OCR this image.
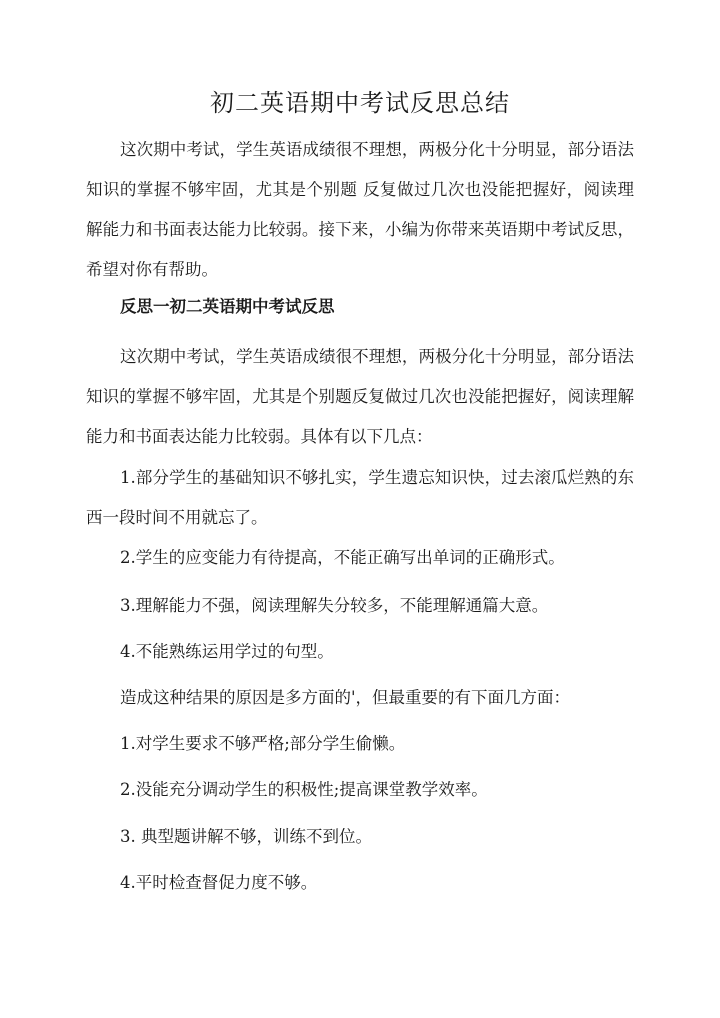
初二英语期中考试反思总结

这次期中考试，学生英语成绩很不理想，两极分化十分明显，部分语法知识的掌握不够牢固，尤其是个别题 反复做过几次也没能把握好，阅读理解能力和书面表达能力比较弱。接下来，小编为你带来英语期中考试反思，希望对你有帮助。

反思一初二英语期中考试反思

这次期中考试，学生英语成绩很不理想，两极分化十分明显，部分语法知识的掌握不够牢固，尤其是个别题反复做过几次也没能把握好，阅读理解能力和书面表达能力比较弱。具体有以下几点：

1.部分学生的基础知识不够扎实，学生遗忘知识快，过去滚瓜烂熟的东西一段时间不用就忘了。

2.学生的应变能力有待提高，不能正确写出单词的正确形式。

3.理解能力不强，阅读理解失分较多，不能理解通篇大意。

4.不能熟练运用学过的句型。

造成这种结果的原因是多方面的'，但最重要的有下面几方面：

1.对学生要求不够严格;部分学生偷懒。

2.没能充分调动学生的积极性;提高课堂教学效率。

3. 典型题讲解不够，训练不到位。

4.平时检查督促力度不够。
